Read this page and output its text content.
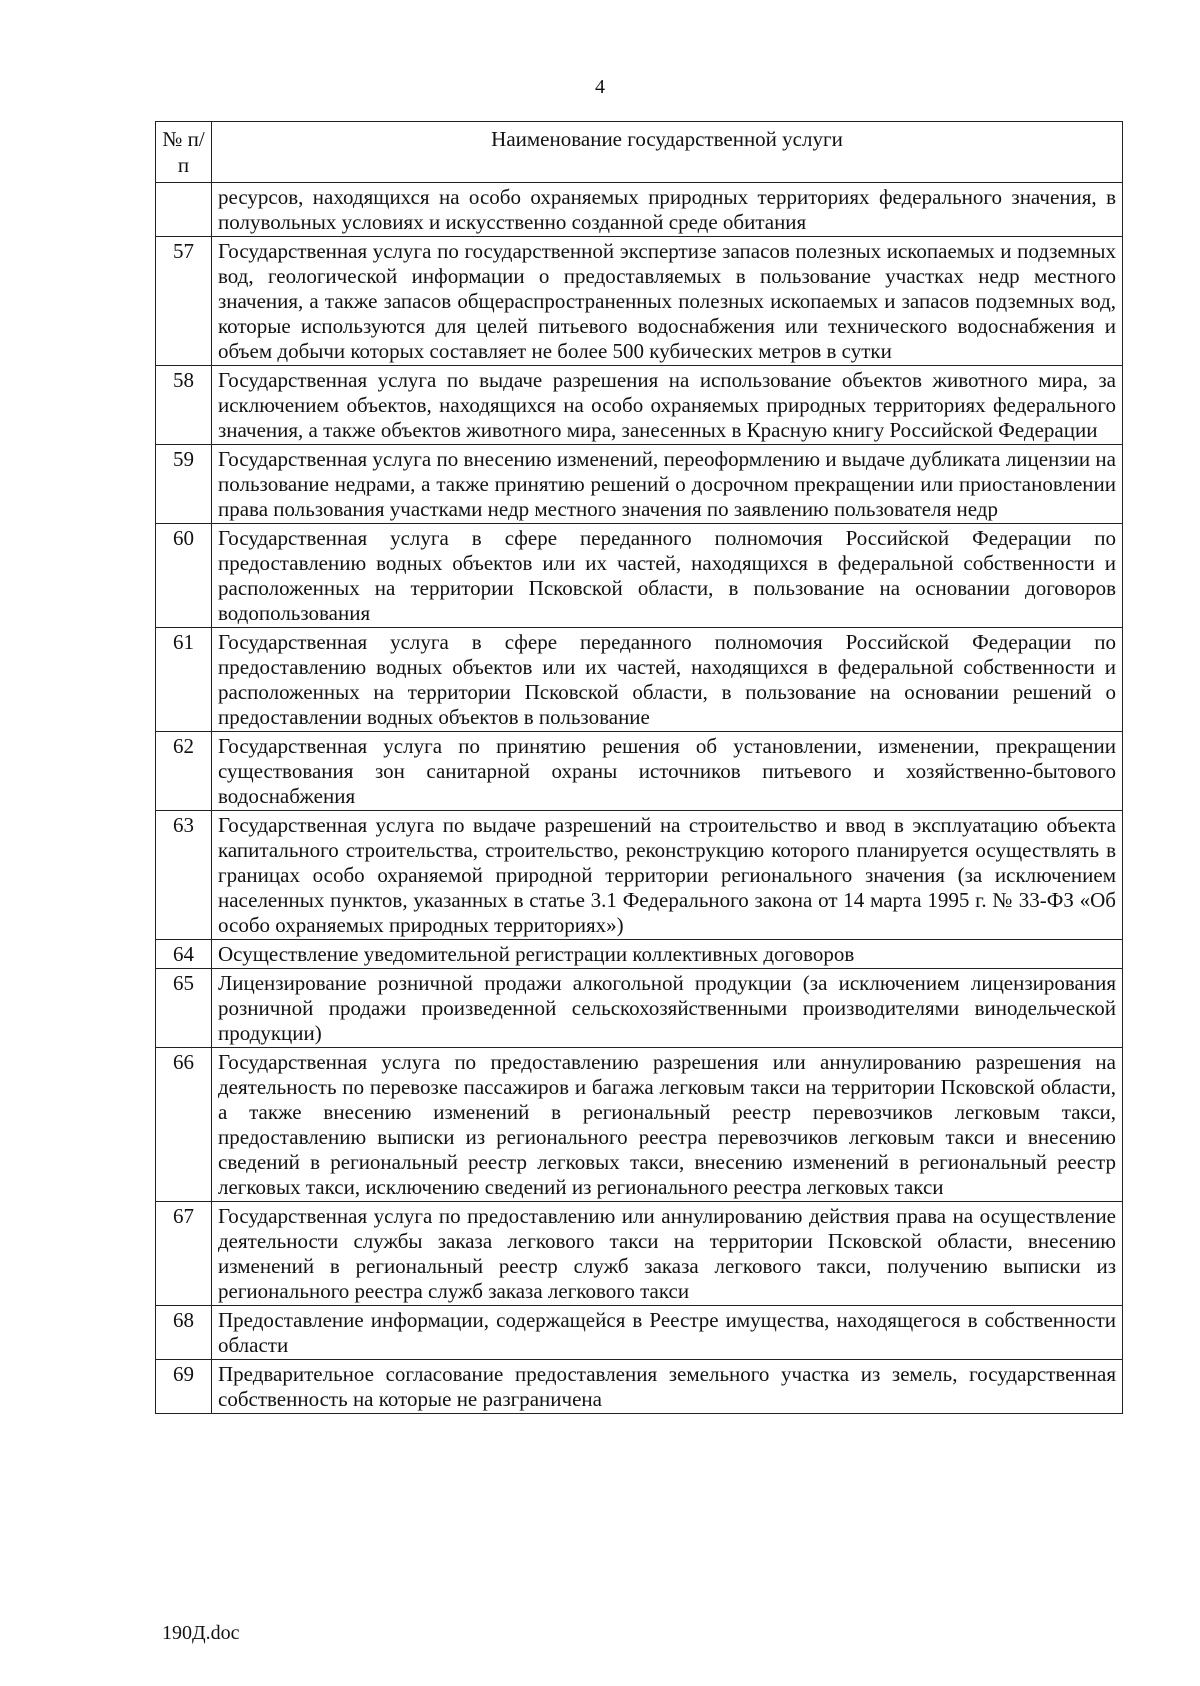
4
№ п/п	Наименование государственной услуги
	ресурсов, находящихся на особо охраняемых природных территориях федерального значения, в полувольных условиях и искусственно созданной среде обитания
57	Государственная услуга по государственной экспертизе запасов полезных ископаемых и подземных вод, геологической информации о предоставляемых в пользование участках недр местного значения, а также запасов общераспространенных полезных ископаемых и запасов подземных вод, которые используются для целей питьевого водоснабжения или технического водоснабжения и объем добычи которых составляет не более 500 кубических метров в сутки
58	Государственная услуга по выдаче разрешения на использование объектов животного мира, за исключением объектов, находящихся на особо охраняемых природных территориях федерального значения, а также объектов животного мира, занесенных в Красную книгу Российской Федерации
59	Государственная услуга по внесению изменений, переоформлению и выдаче дубликата лицензии на пользование недрами, а также принятию решений о досрочном прекращении или приостановлении права пользования участками недр местного значения по заявлению пользователя недр
60	Государственная услуга в сфере переданного полномочия Российской Федерации по предоставлению водных объектов или их частей, находящихся в федеральной собственности и расположенных на территории Псковской области, в пользование на основании договоров водопользования
61	Государственная услуга в сфере переданного полномочия Российской Федерации по предоставлению водных объектов или их частей, находящихся в федеральной собственности и расположенных на территории Псковской области, в пользование на основании решений о предоставлении водных объектов в пользование
62	Государственная услуга по принятию решения об установлении, изменении, прекращении существования зон санитарной охраны источников питьевого и хозяйственно-бытового водоснабжения
63	Государственная услуга по выдаче разрешений на строительство и ввод в эксплуатацию объекта капитального строительства, строительство, реконструкцию которого планируется осуществлять в границах особо охраняемой природной территории регионального значения (за исключением населенных пунктов, указанных в статье 3.1 Федерального закона от 14 марта 1995 г. № 33-ФЗ «Об особо охраняемых природных территориях»)
64	Осуществление уведомительной регистрации коллективных договоров
65	Лицензирование розничной продажи алкогольной продукции (за исключением лицензирования розничной продажи произведенной сельскохозяйственными производителями винодельческой продукции)
66	Государственная услуга по предоставлению разрешения или аннулированию разрешения на деятельность по перевозке пассажиров и багажа легковым такси на территории Псковской области, а также внесению изменений в региональный реестр перевозчиков легковым такси, предоставлению выписки из регионального реестра перевозчиков легковым такси и внесению сведений в региональный реестр легковых такси, внесению изменений в региональный реестр легковых такси, исключению сведений из регионального реестра легковых такси
67	Государственная услуга по предоставлению или аннулированию действия права на осуществление деятельности службы заказа легкового такси на территории Псковской области, внесению изменений в региональный реестр служб заказа легкового такси, получению выписки из регионального реестра служб заказа легкового такси
68	Предоставление информации, содержащейся в Реестре имущества, находящегося в собственности области
69	Предварительное согласование предоставления земельного участка из земель, государственная собственность на которые не разграничена
190Д.doc
